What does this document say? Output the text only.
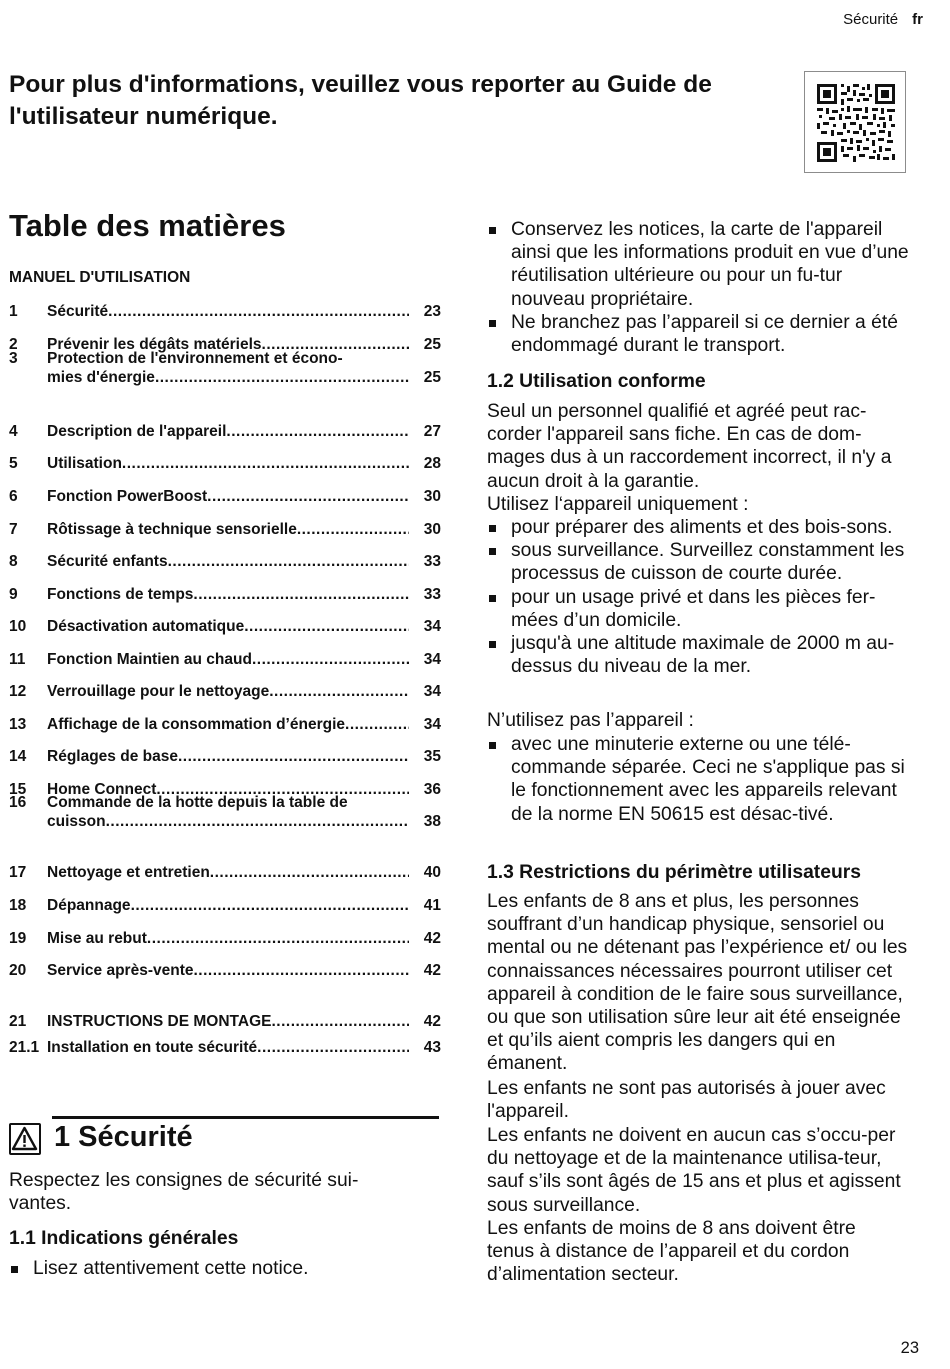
Sécurité fr
Pour plus d'informations, veuillez vous reporter au Guide de l'utilisateur numérique.
Table des matières
MANUEL D'UTILISATION
1 Sécurité .....	23
2 Prévenir les dégâts matériels .....	25
3 Protection de l'environnement et écono-
mies d'énergie .....	25
4 Description de l'appareil .....	27
5 Utilisation .....	28
6 Fonction PowerBoost .....	30
7 Rôtissage à technique sensorielle .....	30
8 Sécurité enfants .....	33
9 Fonctions de temps .....	33
10 Désactivation automatique .....	34
11 Fonction Maintien au chaud .....	34
12 Verrouillage pour le nettoyage .....	34
13 Affichage de la consommation d’énergie .....	34
14 Réglages de base .....	35
15 Home Connect .....	36
16 Commande de la hotte depuis la table de
cuisson .....	38
17 Nettoyage et entretien .....	40
18 Dépannage .....	41
19 Mise au rebut .....	42
20 Service après-vente .....	42
21 INSTRUCTIONS DE MONTAGE .....	42
21.1 Installation en toute sécurité .....	43
1 Sécurité
Respectez les consignes de sécurité sui-vantes.
1.1 Indications générales
Lisez attentivement cette notice.
Conservez les notices, la carte de l'appareil ainsi que les informations produit en vue d’une réutilisation ultérieure ou pour un fu-tur nouveau propriétaire.
Ne branchez pas l’appareil si ce dernier a été endommagé durant le transport.
1.2 Utilisation conforme
Seul un personnel qualifié et agréé peut rac-corder l'appareil sans fiche. En cas de dom-mages dus à un raccordement incorrect, il n'y a aucun droit à la garantie.
Utilisez l‘appareil uniquement :
pour préparer des aliments et des bois-sons.
sous surveillance. Surveillez constamment les processus de cuisson de courte durée.
pour un usage privé et dans les pièces fer-mées d’un domicile.
jusqu'à une altitude maximale de 2000 m au-dessus du niveau de la mer.
N’utilisez pas l’appareil :
avec une minuterie externe ou une télé-commande séparée. Ceci ne s'applique pas si le fonctionnement avec les appareils relevant de la norme EN 50615 est désac-tivé.
1.3 Restrictions du périmètre utilisateurs
Les enfants de 8 ans et plus, les personnes souffrant d’un handicap physique, sensoriel ou mental ou ne détenant pas l’expérience et/ ou les connaissances nécessaires pourront utiliser cet appareil à condition de le faire sous surveillance, ou que son utilisation sûre leur ait été enseignée et qu’ils aient compris les dangers qui en émanent.
Les enfants ne sont pas autorisés à jouer avec l'appareil.
Les enfants ne doivent en aucun cas s’occu-per du nettoyage et de la maintenance utilisa-teur, sauf s’ils sont âgés de 15 ans et plus et agissent sous surveillance.
Les enfants de moins de 8 ans doivent être tenus à distance de l’appareil et du cordon d’alimentation secteur.
23
